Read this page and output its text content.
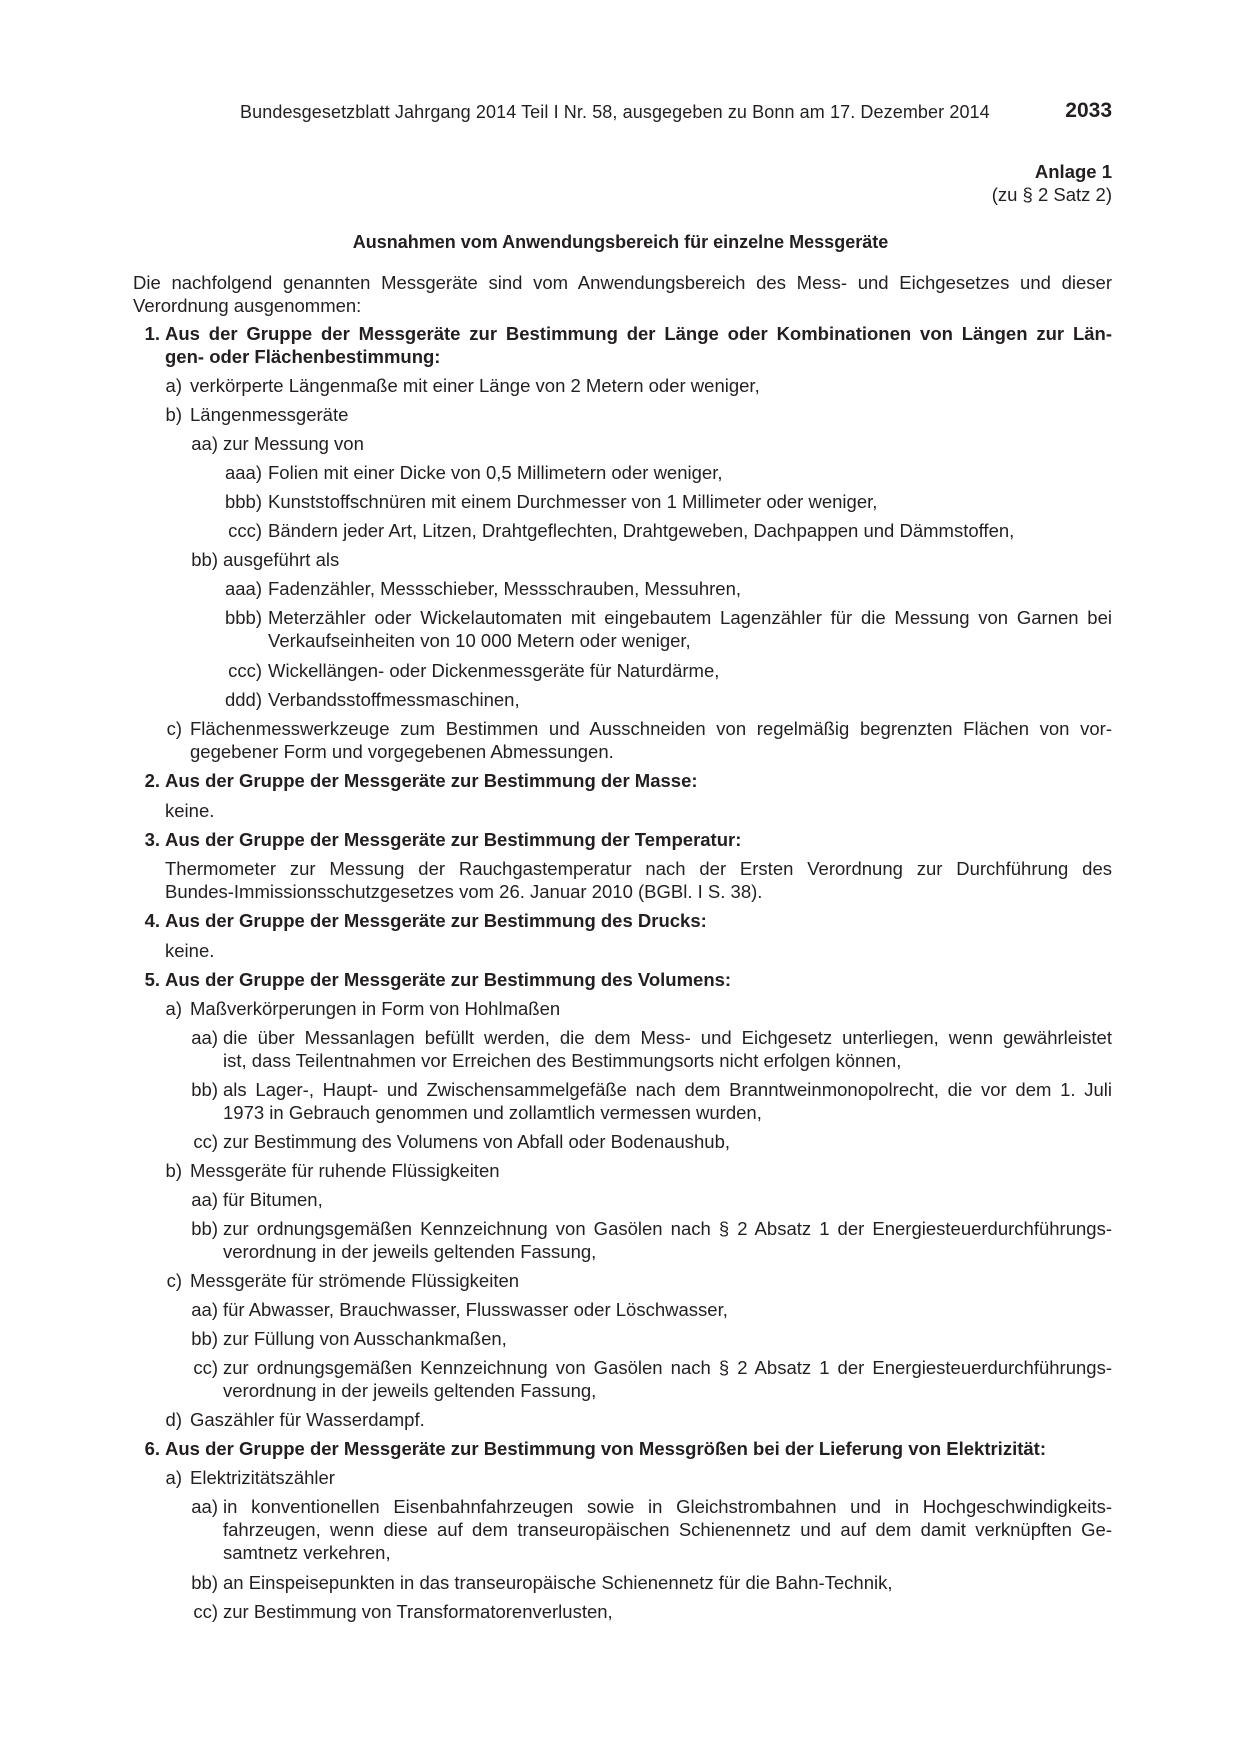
Bundesgesetzblatt Jahrgang 2014 Teil I Nr. 58, ausgegeben zu Bonn am 17. Dezember 2014	2033
Anlage 1
(zu § 2 Satz 2)
Ausnahmen vom Anwendungsbereich für einzelne Messgeräte
Die nachfolgend genannten Messgeräte sind vom Anwendungsbereich des Mess- und Eichgesetzes und dieser
Verordnung ausgenommen:
1. Aus der Gruppe der Messgeräte zur Bestimmung der Länge oder Kombinationen von Längen zur Län-
gen- oder Flächenbestimmung:
a) verkörperte Längenmaße mit einer Länge von 2 Metern oder weniger,
b) Längenmessgeräte
aa) zur Messung von
aaa) Folien mit einer Dicke von 0,5 Millimetern oder weniger,
bbb) Kunststoffschnüren mit einem Durchmesser von 1 Millimeter oder weniger,
ccc) Bändern jeder Art, Litzen, Drahtgeflechten, Drahtgeweben, Dachpappen und Dämmstoffen,
bb) ausgeführt als
aaa) Fadenzähler, Messschieber, Messschrauben, Messuhren,
bbb) Meterzähler oder Wickelautomaten mit eingebautem Lagenzähler für die Messung von Garnen bei
Verkaufseinheiten von 10 000 Metern oder weniger,
ccc) Wickellängen- oder Dickenmessgeräte für Naturdärme,
ddd) Verbandsstoffmessmaschinen,
c) Flächenmesswerkzeuge zum Bestimmen und Ausschneiden von regelmäßig begrenzten Flächen von vor-
gegebener Form und vorgegebenen Abmessungen.
2. Aus der Gruppe der Messgeräte zur Bestimmung der Masse:
keine.
3. Aus der Gruppe der Messgeräte zur Bestimmung der Temperatur:
Thermometer zur Messung der Rauchgastemperatur nach der Ersten Verordnung zur Durchführung des
Bundes-Immissionsschutzgesetzes vom 26. Januar 2010 (BGBl. I S. 38).
4. Aus der Gruppe der Messgeräte zur Bestimmung des Drucks:
keine.
5. Aus der Gruppe der Messgeräte zur Bestimmung des Volumens:
a) Maßverkörperungen in Form von Hohlmaßen
aa) die über Messanlagen befüllt werden, die dem Mess- und Eichgesetz unterliegen, wenn gewährleistet
ist, dass Teilentnahmen vor Erreichen des Bestimmungsorts nicht erfolgen können,
bb) als Lager-, Haupt- und Zwischensammelgefäße nach dem Branntweinmonopolrecht, die vor dem 1. Juli
1973 in Gebrauch genommen und zollamtlich vermessen wurden,
cc) zur Bestimmung des Volumens von Abfall oder Bodenaushub,
b) Messgeräte für ruhende Flüssigkeiten
aa) für Bitumen,
bb) zur ordnungsgemäßen Kennzeichnung von Gasölen nach § 2 Absatz 1 der Energiesteuerdurchführungs-
verordnung in der jeweils geltenden Fassung,
c) Messgeräte für strömende Flüssigkeiten
aa) für Abwasser, Brauchwasser, Flusswasser oder Löschwasser,
bb) zur Füllung von Ausschankmaßen,
cc) zur ordnungsgemäßen Kennzeichnung von Gasölen nach § 2 Absatz 1 der Energiesteuerdurchführungs-
verordnung in der jeweils geltenden Fassung,
d) Gaszähler für Wasserdampf.
6. Aus der Gruppe der Messgeräte zur Bestimmung von Messgrößen bei der Lieferung von Elektrizität:
a) Elektrizitätszähler
aa) in konventionellen Eisenbahnfahrzeugen sowie in Gleichstrombahnen und in Hochgeschwindigkeits-
fahrzeugen, wenn diese auf dem transeuropäischen Schienennetz und auf dem damit verknüpften Ge-
samtnetz verkehren,
bb) an Einspeisepunkten in das transeuropäische Schienennetz für die Bahn-Technik,
cc) zur Bestimmung von Transformatorenverlusten,
